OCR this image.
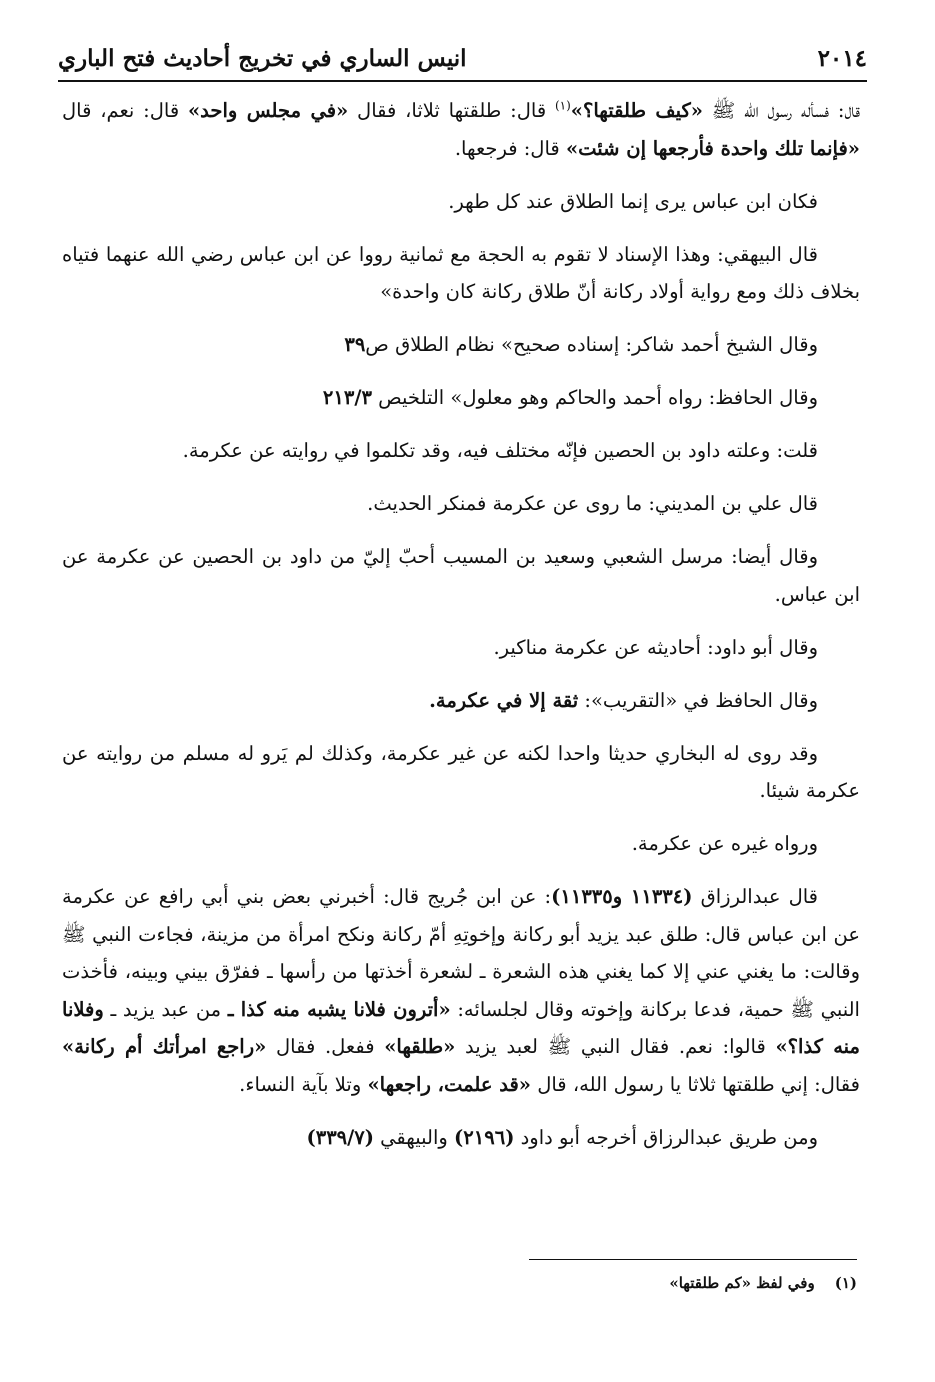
٢٠١٤
انيس الساري في تخريج أحاديث فتح الباري

قال: فسأله رسول الله ﷺ «كيف طلقتها؟»$^{(١)}$ قال: طلقتها ثلاثا، فقال «في مجلس واحد» قال: نعم، قال «فإنما تلك واحدة فأرجعها إن شئت» قال: فرجعها.

فكان ابن عباس يرى إنما الطلاق عند كل طهر.

قال البيهقي: وهذا الإسناد لا تقوم به الحجة مع ثمانية رووا عن ابن عباس رضي الله عنهما فتياه بخلاف ذلك ومع رواية أولاد ركانة أنّ طلاق ركانة كان واحدة»

وقال الشيخ أحمد شاكر: إسناده صحيح» نظام الطلاق ص٣٩

وقال الحافظ: رواه أحمد والحاكم وهو معلول» التلخيص ٢١٣/٣

قلت: وعلته داود بن الحصين فإنّه مختلف فيه، وقد تكلموا في روايته عن عكرمة.

قال علي بن المديني: ما روى عن عكرمة فمنكر الحديث.

وقال أيضا: مرسل الشعبي وسعيد بن المسيب أحبّ إليّ من داود بن الحصين عن عكرمة عن ابن عباس.

وقال أبو داود: أحاديثه عن عكرمة مناكير.

وقال الحافظ في «التقريب»: ثقة إلا في عكرمة.

وقد روى له البخاري حديثا واحدا لكنه عن غير عكرمة، وكذلك لم يَرو له مسلم من روايته عن عكرمة شيئا.

ورواه غيره عن عكرمة.

قال عبدالرزاق (١١٣٣٤ و١١٣٣٥): عن ابن جُريج قال: أخبرني بعض بني أبي رافع عن عكرمة عن ابن عباس قال: طلق عبد يزيد أبو ركانة وإخوتِهِ أمّ ركانة ونكح امرأة من مزينة، فجاءت النبي ﷺ وقالت: ما يغني عني إلا كما يغني هذه الشعرة ـ لشعرة أخذتها من رأسها ـ ففرّق بيني وبينه، فأخذت النبي ﷺ حمية، فدعا بركانة وإخوته وقال لجلسائه: «أترون فلانا يشبه منه كذا ـ من عبد يزيد ـ وفلانا منه كذا؟» قالوا: نعم. فقال النبي ﷺ لعبد يزيد «طلقها» ففعل. فقال «راجع امرأتك أم ركانة» فقال: إني طلقتها ثلاثا يا رسول الله، قال «قد علمت، راجعها» وتلا بآية النساء.

ومن طريق عبدالرزاق أخرجه أبو داود (٢١٩٦) والبيهقي (٣٣٩/٧)

(١)وفي لفظ «كم طلقتها»
